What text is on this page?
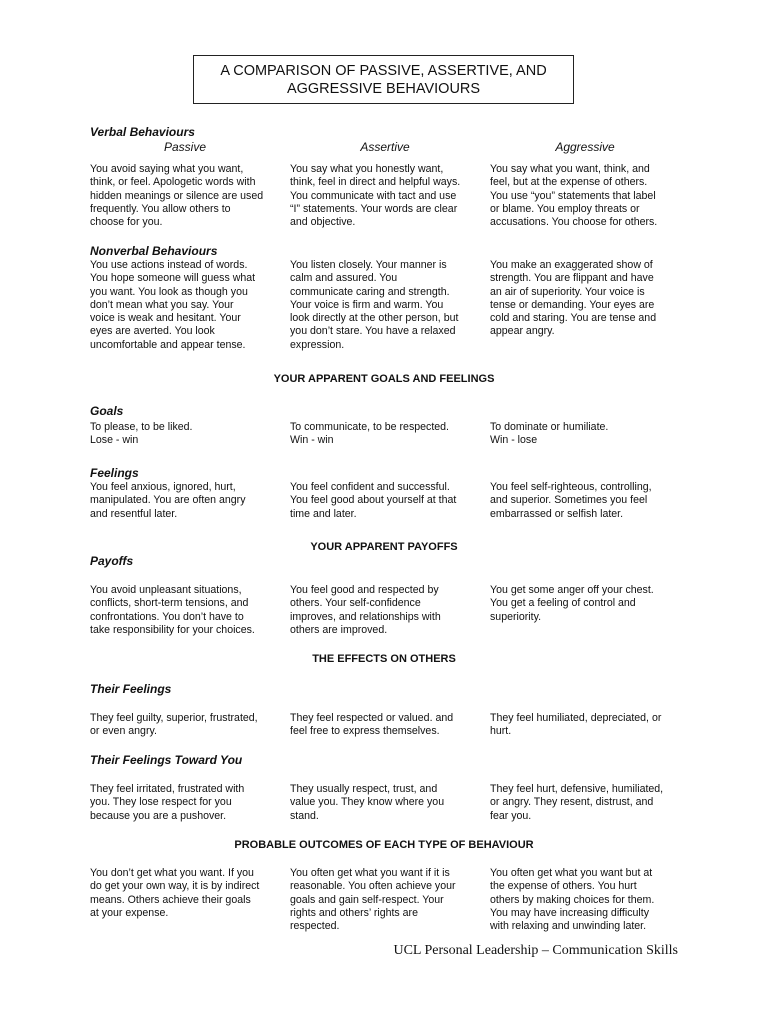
A COMPARISON OF PASSIVE, ASSERTIVE, AND
AGGRESSIVE BEHAVIOURS
Verbal Behaviours
Passive	Assertive	Aggressive
You avoid saying what you want,
think, or feel. Apologetic words with
hidden meanings or silence are used
frequently. You allow others to
choose for you.
You say what you honestly want,
think, feel in direct and helpful ways.
You communicate with tact and use
“I” statements. Your words are clear
and objective.
You say what you want, think, and
feel, but at the expense of others.
You use “you” statements that label
or blame. You employ threats or
accusations. You choose for others.
Nonverbal Behaviours
You use actions instead of words.
You hope someone will guess what
you want. You look as though you
don’t mean what you say. Your
voice is weak and hesitant. Your
eyes are averted. You look
uncomfortable and appear tense.
You listen closely. Your manner is
calm and assured. You
communicate caring and strength.
Your voice is firm and warm. You
look directly at the other person, but
you don’t stare. You have a relaxed
expression.
You make an exaggerated show of
strength. You are flippant and have
an air of superiority. Your voice is
tense or demanding. Your eyes are
cold and staring. You are tense and
appear angry.
YOUR APPARENT GOALS AND FEELINGS
Goals
To please, to be liked.
Lose - win
To communicate, to be respected.
Win - win
To dominate or humiliate.
Win - lose
Feelings
You feel anxious, ignored, hurt,
manipulated. You are often angry
and resentful later.
You feel confident and successful.
You feel good about yourself at that
time and later.
You feel self-righteous, controlling,
and superior. Sometimes you feel
embarrassed or selfish later.
YOUR APPARENT PAYOFFS
Payoffs
You avoid unpleasant situations,
conflicts, short-term tensions, and
confrontations. You don’t have to
take responsibility for your choices.
You feel good and respected by
others. Your self-confidence
improves, and relationships with
others are improved.
You get some anger off your chest.
You get a feeling of control and
superiority.
THE EFFECTS ON OTHERS
Their Feelings
They feel guilty, superior, frustrated,
or even angry.
They feel respected or valued. and
feel free to express themselves.
They feel humiliated, depreciated, or
hurt.
Their Feelings Toward You
They feel irritated, frustrated with
you. They lose respect for you
because you are a pushover.
They usually respect, trust, and
value you. They know where you
stand.
They feel hurt, defensive, humiliated,
or angry. They resent, distrust, and
fear you.
PROBABLE OUTCOMES OF EACH TYPE OF BEHAVIOUR
You don’t get what you want. If you
do get your own way, it is by indirect
means. Others achieve their goals
at your expense.
You often get what you want if it is
reasonable. You often achieve your
goals and gain self-respect. Your
rights and others’ rights are
respected.
You often get what you want but at
the expense of others. You hurt
others by making choices for them.
You may have increasing difficulty
with relaxing and unwinding later.
UCL Personal Leadership – Communication Skills
